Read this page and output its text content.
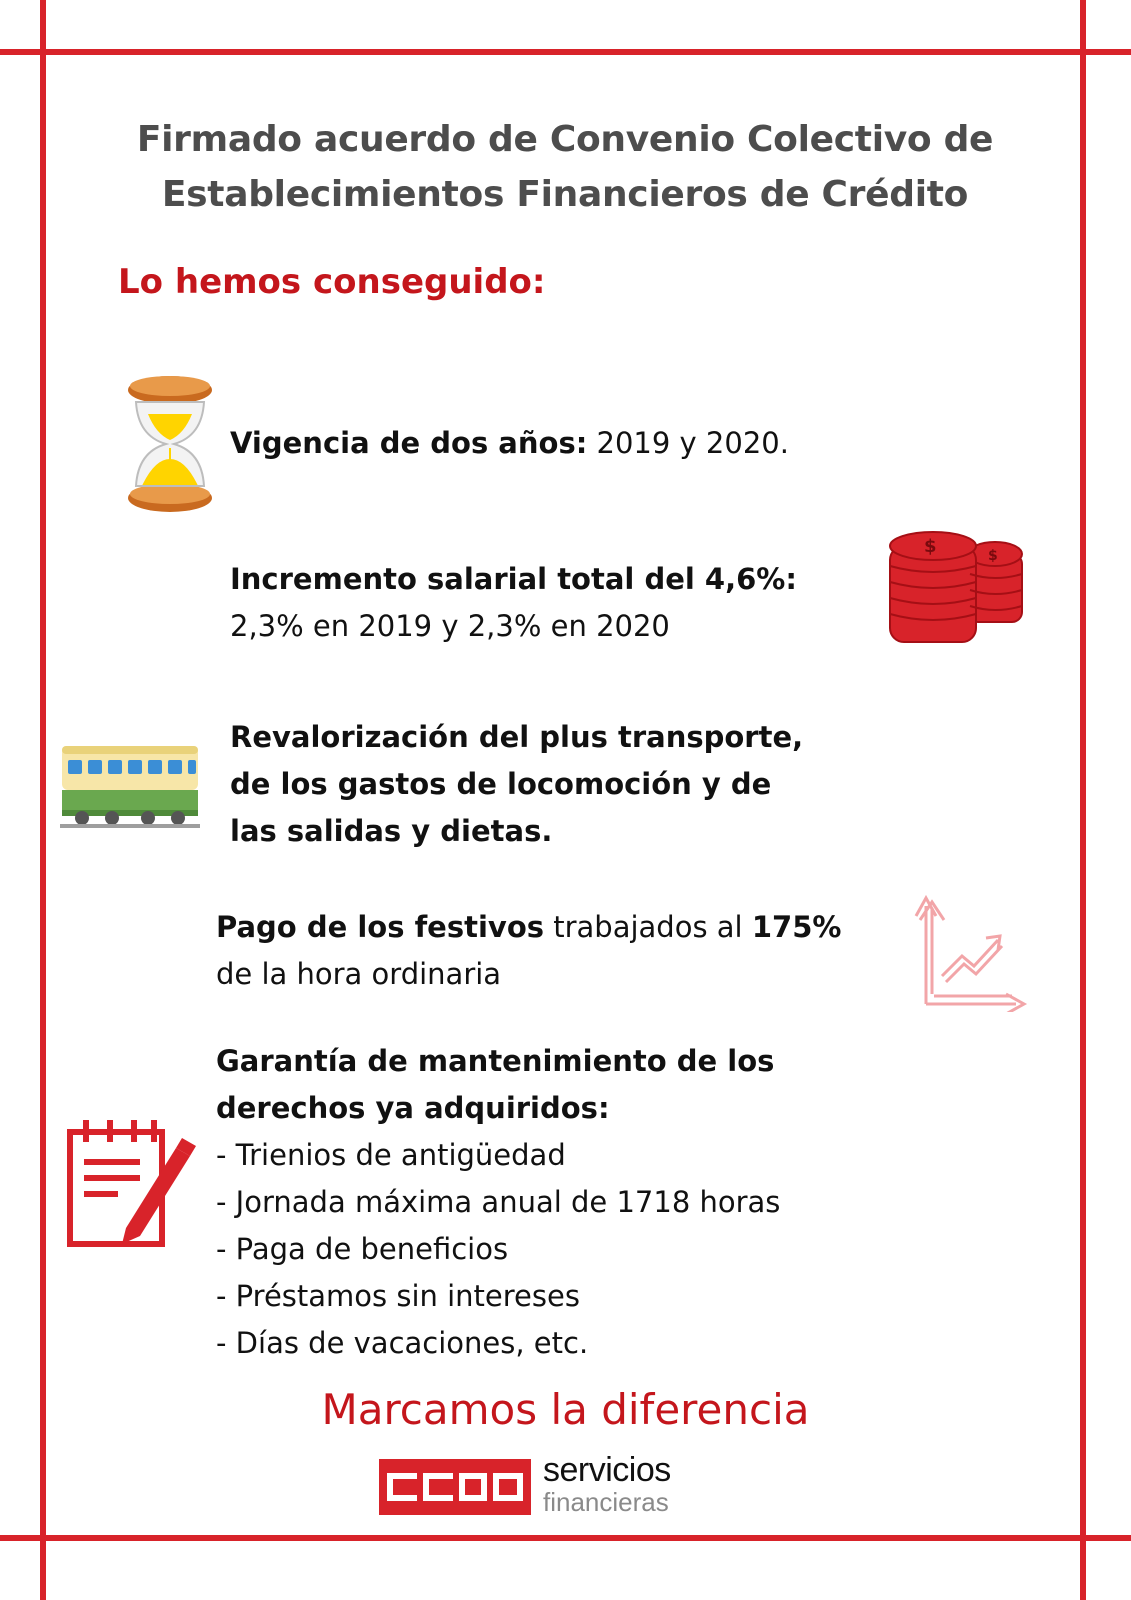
Firmado acuerdo de Convenio Colectivo de
Establecimientos Financieros de Crédito
Lo hemos conseguido:
Vigencia de dos años: 2019 y 2020.
Incremento salarial total del 4,6%:
2,3% en 2019 y 2,3% en 2020
$	$
Revalorización del plus transporte,
de los gastos de locomoción y de
las salidas y dietas.
Pago de los festivos trabajados al 175%
de la hora ordinaria
Garantía de mantenimiento de los
derechos ya adquiridos:
- Trienios de antigüedad
- Jornada máxima anual de 1718 horas
- Paga de beneficios
- Préstamos sin intereses
- Días de vacaciones, etc.
Marcamos la diferencia
servicios
financieras
